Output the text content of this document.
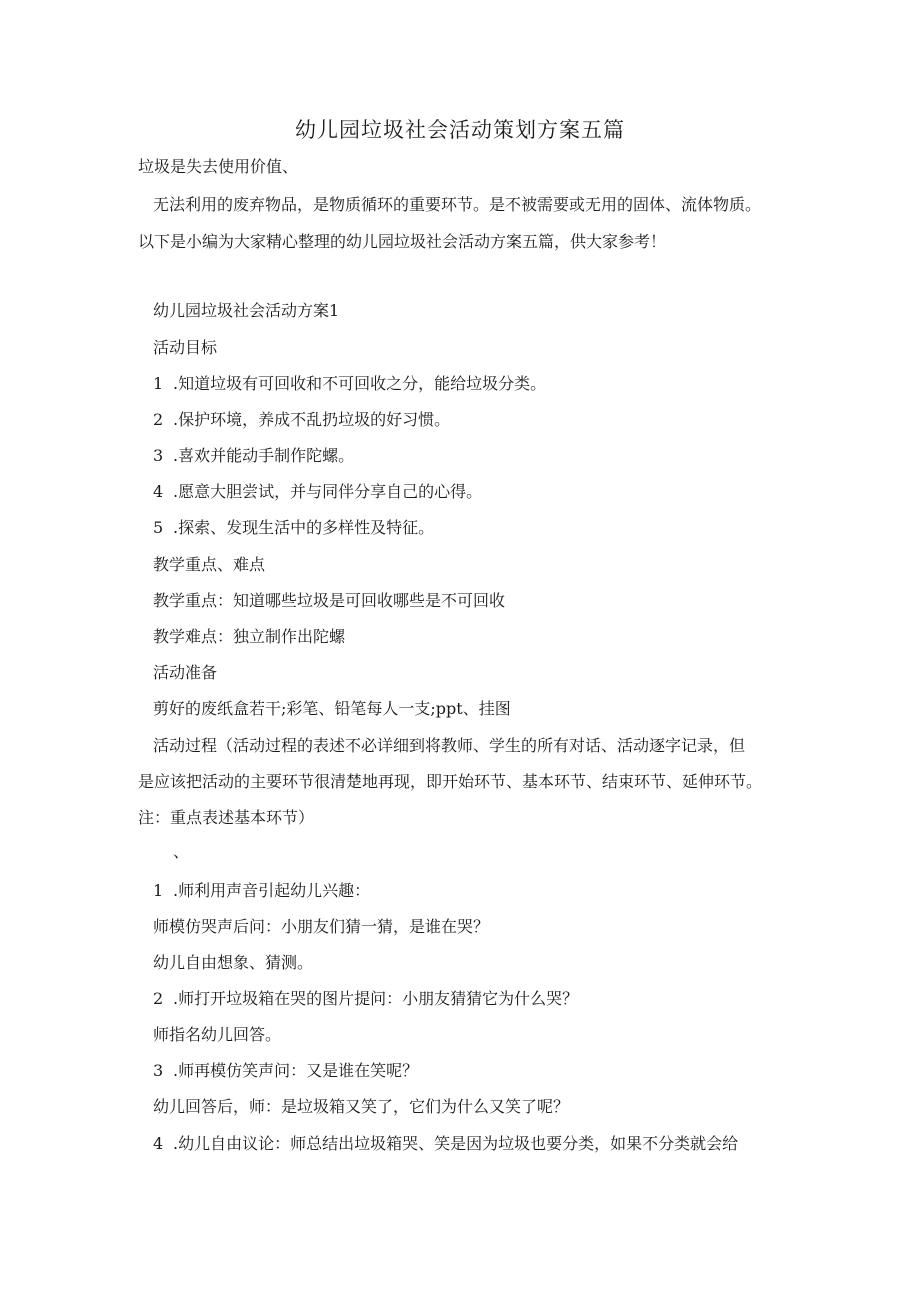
幼儿园垃圾社会活动策划方案五篇

垃圾是失去使用价值、

无法利用的废弃物品，是物质循环的重要环节。是不被需要或无用的固体、流体物质。

以下是小编为大家精心整理的幼儿园垃圾社会活动方案五篇，供大家参考！

幼儿园垃圾社会活动方案1

活动目标

1 .知道垃圾有可回收和不可回收之分，能给垃圾分类。

2 .保护环境，养成不乱扔垃圾的好习惯。

3 .喜欢并能动手制作陀螺。

4 .愿意大胆尝试，并与同伴分享自己的心得。

5 .探索、发现生活中的多样性及特征。

教学重点、难点

教学重点：知道哪些垃圾是可回收哪些是不可回收

教学难点：独立制作出陀螺

活动准备

剪好的废纸盒若干;彩笔、铅笔每人一支;ppt、挂图

活动过程（活动过程的表述不必详细到将教师、学生的所有对话、活动逐字记录，但

是应该把活动的主要环节很清楚地再现，即开始环节、基本环节、结束环节、延伸环节。

注：重点表述基本环节）

、

1 .师利用声音引起幼儿兴趣：

师模仿哭声后问：小朋友们猜一猜，是谁在哭？

幼儿自由想象、猜测。

2 .师打开垃圾箱在哭的图片提问：小朋友猜猜它为什么哭？

师指名幼儿回答。

3 .师再模仿笑声问：又是谁在笑呢？

幼儿回答后，师：是垃圾箱又笑了，它们为什么又笑了呢？

4 .幼儿自由议论：师总结出垃圾箱哭、笑是因为垃圾也要分类，如果不分类就会给
